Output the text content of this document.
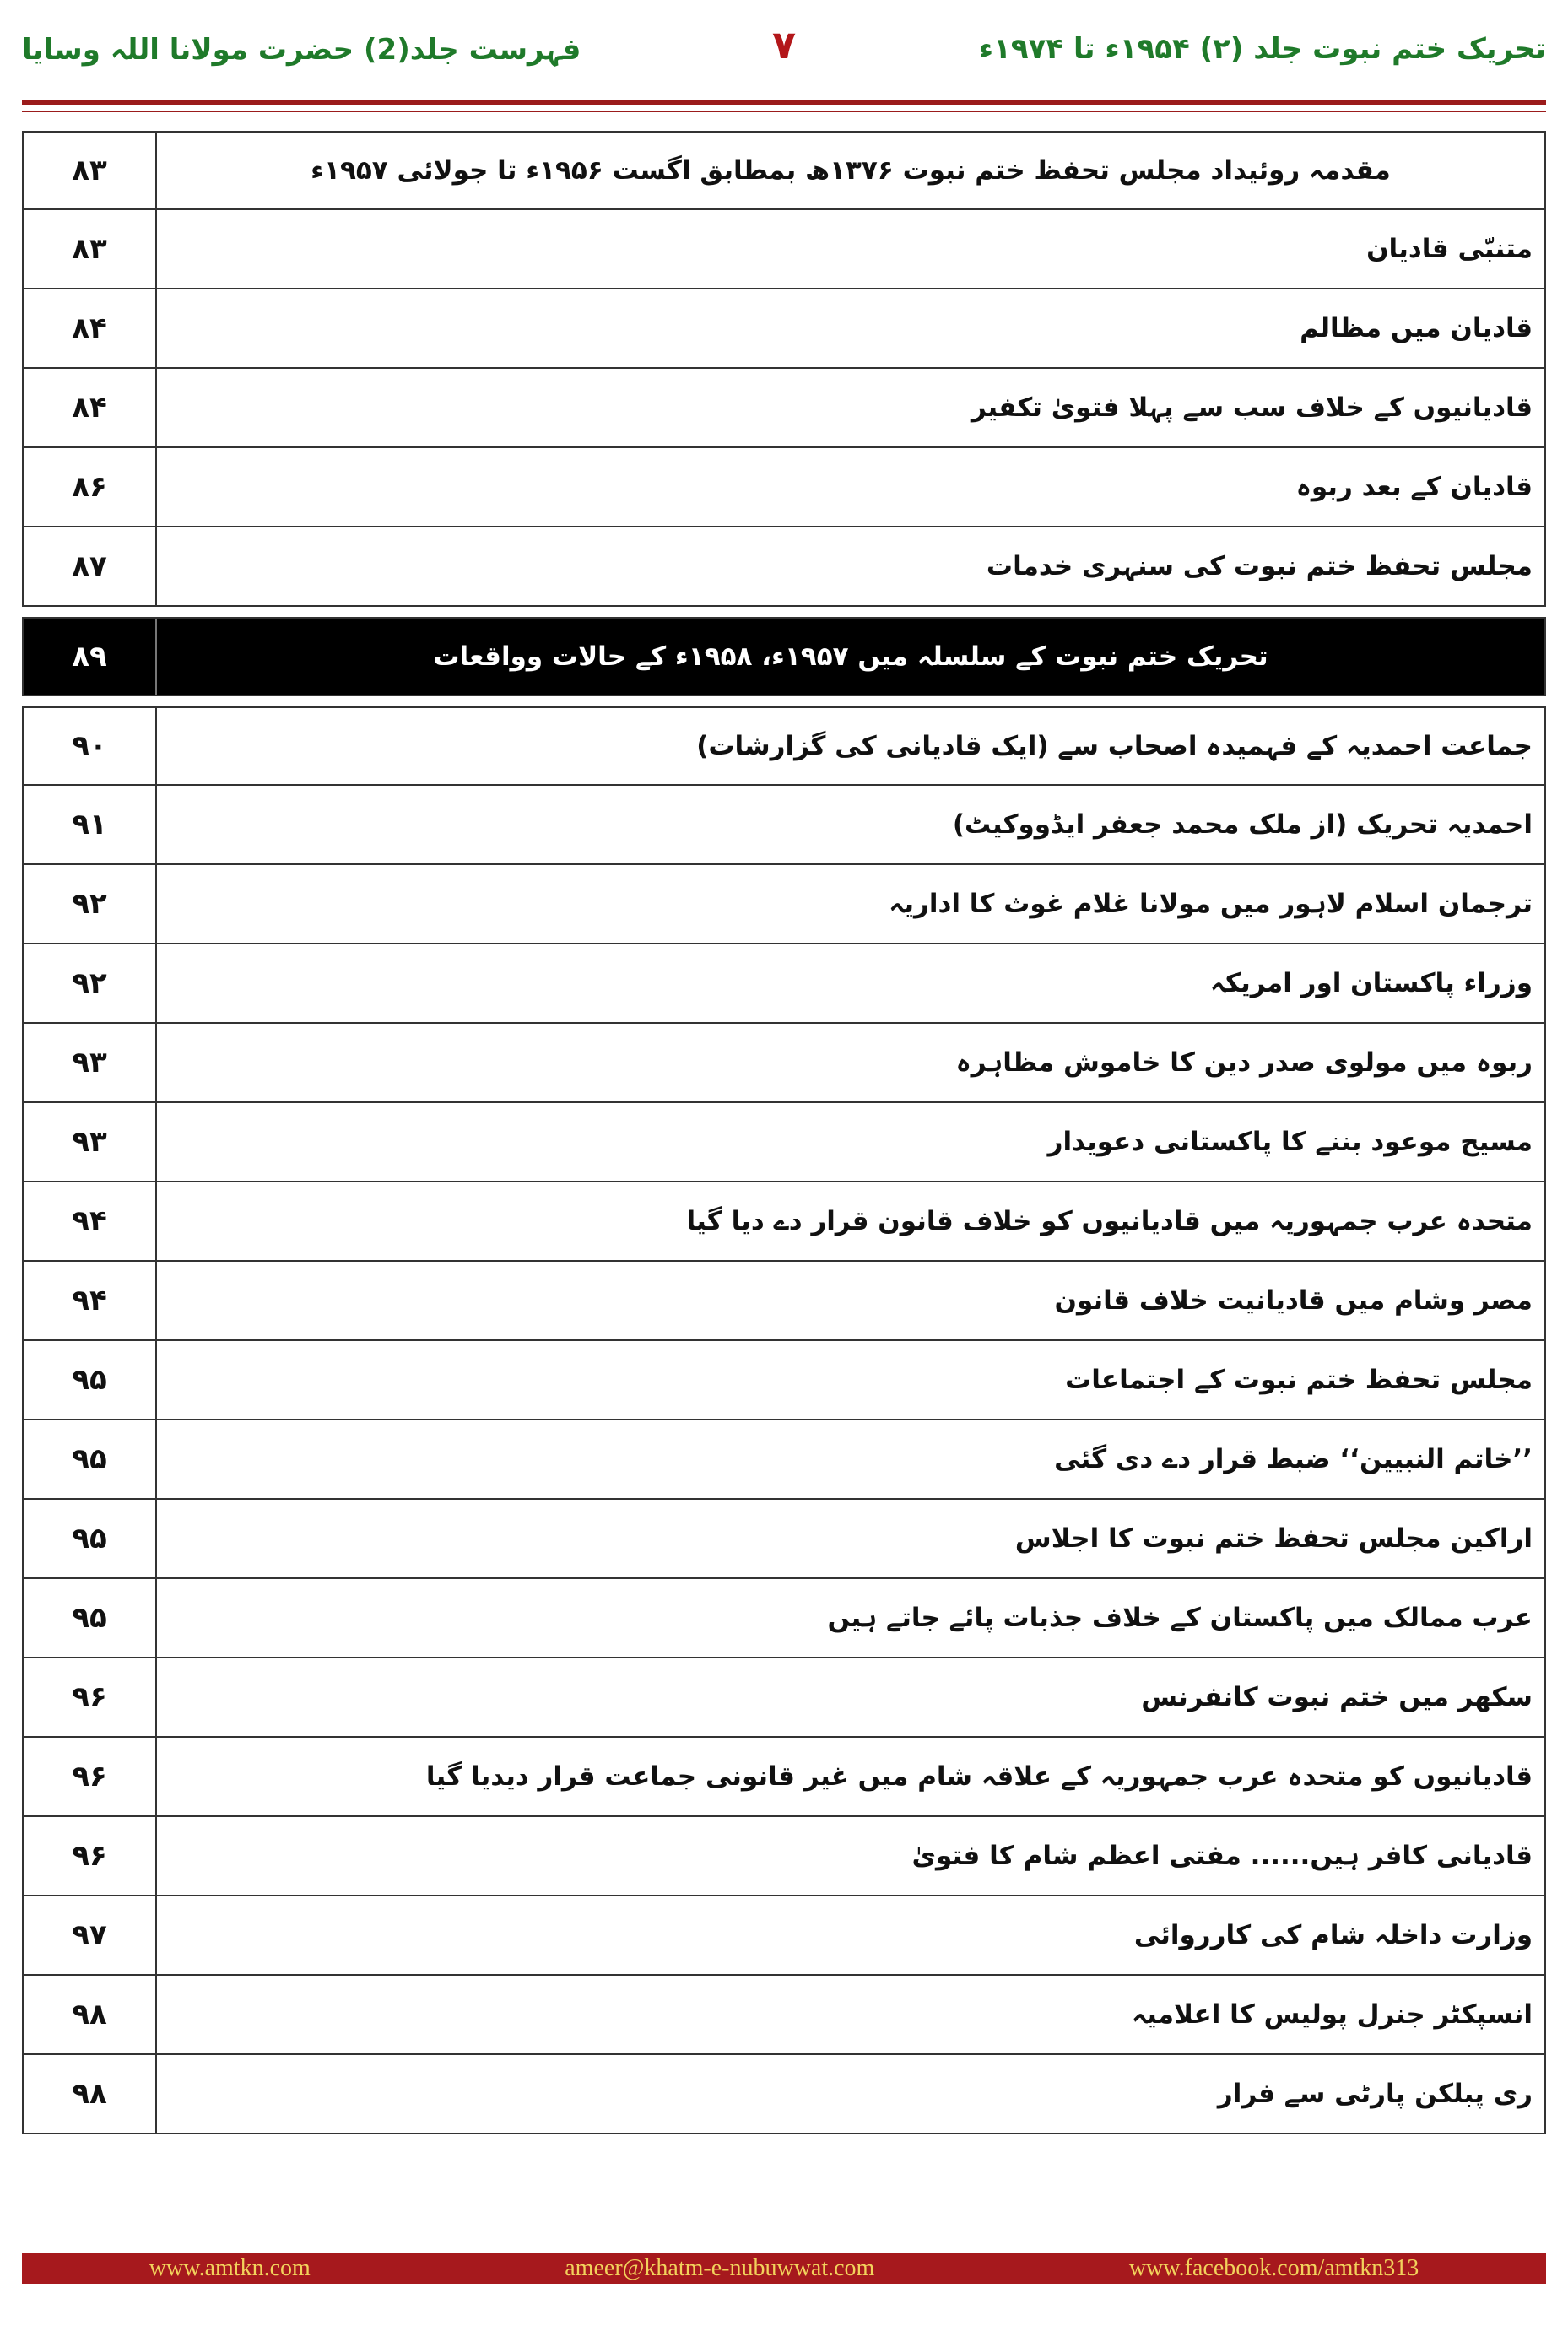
فہرست جلد(2) حضرت مولانا اللہ وسایا	۷	تحریک ختم نبوت جلد (۲) ۱۹۵۴ء تا ۱۹۷۴ء
۸۳	مقدمہ روئیداد مجلس تحفظ ختم نبوت ۱۳۷۶ھ بمطابق اگست ۱۹۵۶ء تا جولائی ۱۹۵۷ء
۸۳	متنبّی قادیان
۸۴	قادیان میں مظالم
۸۴	قادیانیوں کے خلاف سب سے پہلا فتویٰ تکفیر
۸۶	قادیان کے بعد ربوہ
۸۷	مجلس تحفظ ختم نبوت کی سنہری خدمات
۸۹	تحریک ختم نبوت کے سلسلہ میں ۱۹۵۷ء، ۱۹۵۸ء کے حالات وواقعات
۹۰	جماعت احمدیہ کے فہمیدہ اصحاب سے (ایک قادیانی کی گزارشات)
۹۱	احمدیہ تحریک (از ملک محمد جعفر ایڈووکیٹ)
۹۲	ترجمان اسلام لاہور میں مولانا غلام غوث کا اداریہ
۹۲	وزراء پاکستان اور امریکہ
۹۳	ربوہ میں مولوی صدر دین کا خاموش مظاہرہ
۹۳	مسیح موعود بننے کا پاکستانی دعویدار
۹۴	متحدہ عرب جمہوریہ میں قادیانیوں کو خلاف قانون قرار دے دیا گیا
۹۴	مصر وشام میں قادیانیت خلاف قانون
۹۵	مجلس تحفظ ختم نبوت کے اجتماعات
۹۵	’’خاتم النبیین‘‘ ضبط قرار دے دی گئی
۹۵	اراکین مجلس تحفظ ختم نبوت کا اجلاس
۹۵	عرب ممالک میں پاکستان کے خلاف جذبات پائے جاتے ہیں
۹۶	سکھر میں ختم نبوت کانفرنس
۹۶	قادیانیوں کو متحدہ عرب جمہوریہ کے علاقہ شام میں غیر قانونی جماعت قرار دیدیا گیا
۹۶	قادیانی کافر ہیں...... مفتی اعظم شام کا فتویٰ
۹۷	وزارت داخلہ شام کی کارروائی
۹۸	انسپکٹر جنرل پولیس کا اعلامیہ
۹۸	ری پبلکن پارٹی سے فرار
www.amtkn.com	ameer@khatm-e-nubuwwat.com	www.facebook.com/amtkn313
